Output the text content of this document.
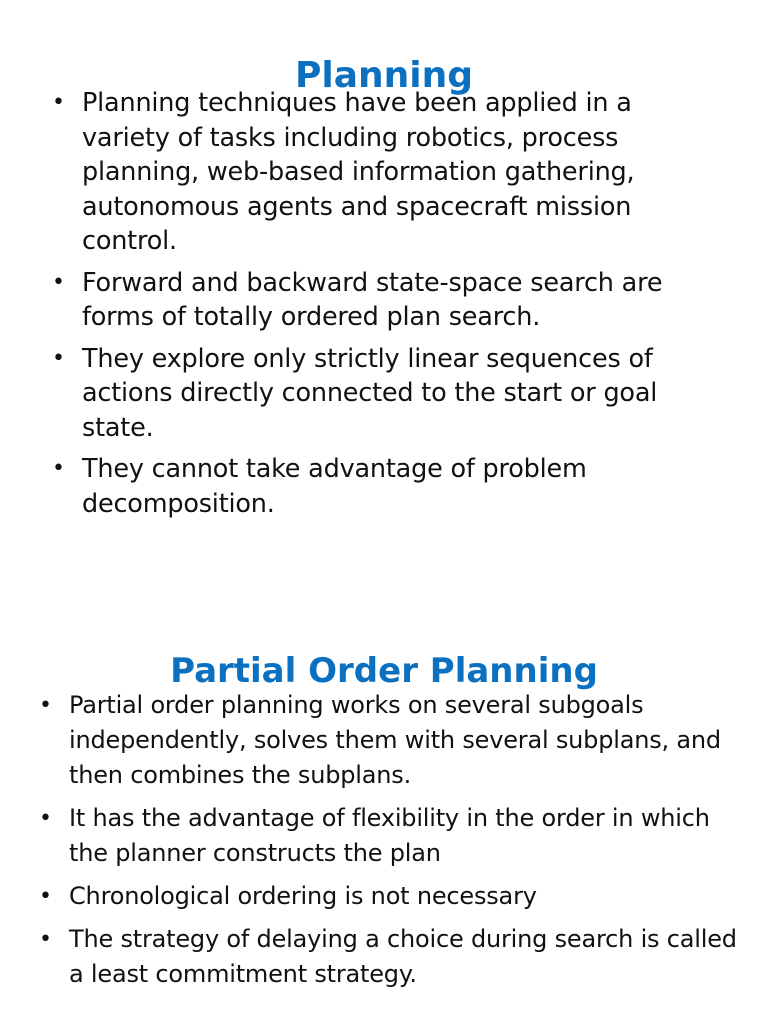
Planning
• Planning techniques have been applied in a variety of tasks including robotics, process planning, web-based information gathering, autonomous agents and spacecraft mission control.
• Forward and backward state-space search are forms of totally ordered plan search.
• They explore only strictly linear sequences of actions directly connected to the start or goal state.
• They cannot take advantage of problem decomposition.
Partial Order Planning
• Partial order planning works on several subgoals independently, solves them with several subplans, and then combines the subplans.
• It has the advantage of flexibility in the order in which the planner constructs the plan
• Chronological ordering is not necessary
• The strategy of delaying a choice during search is called a least commitment strategy.
